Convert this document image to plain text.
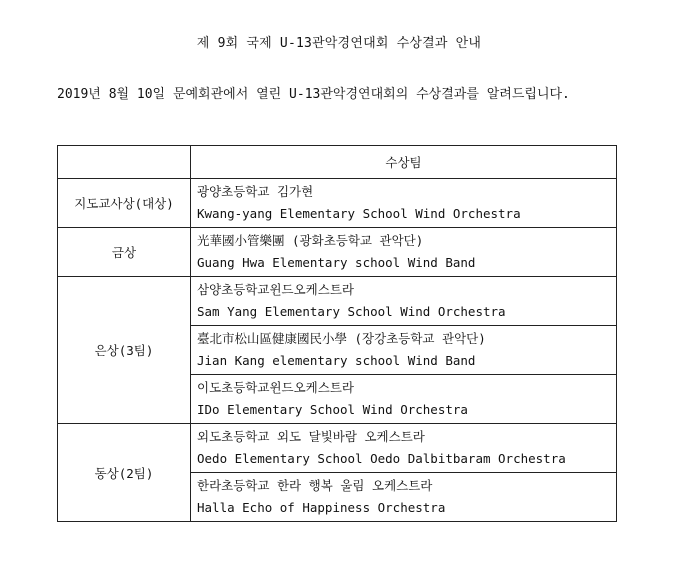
제 9회 국제 U-13관악경연대회 수상결과 안내
2019년 8월 10일 문예회관에서 열린 U-13관악경연대회의 수상결과를 알려드립니다.
	수상팀
지도교사상(대상)	광양초등학교 김가현
Kwang-yang Elementary School Wind Orchestra

금상	光華國小管樂團 (광화초등학교 관악단)
Guang Hwa Elementary school Wind Band

은상(3팀)	삼양초등학교윈드오케스트라
Sam Yang Elementary School Wind Orchestra

	臺北市松山區健康國民小學 (장강초등학교 관악단)
Jian Kang elementary school Wind Band

	이도초등학교윈드오케스트라
IDo Elementary School Wind Orchestra

동상(2팀)	외도초등학교 외도 달빛바람 오케스트라
Oedo Elementary School Oedo Dalbitbaram Orchestra

	한라초등학교 한라 행복 울림 오케스트라
Halla Echo of Happiness Orchestra
